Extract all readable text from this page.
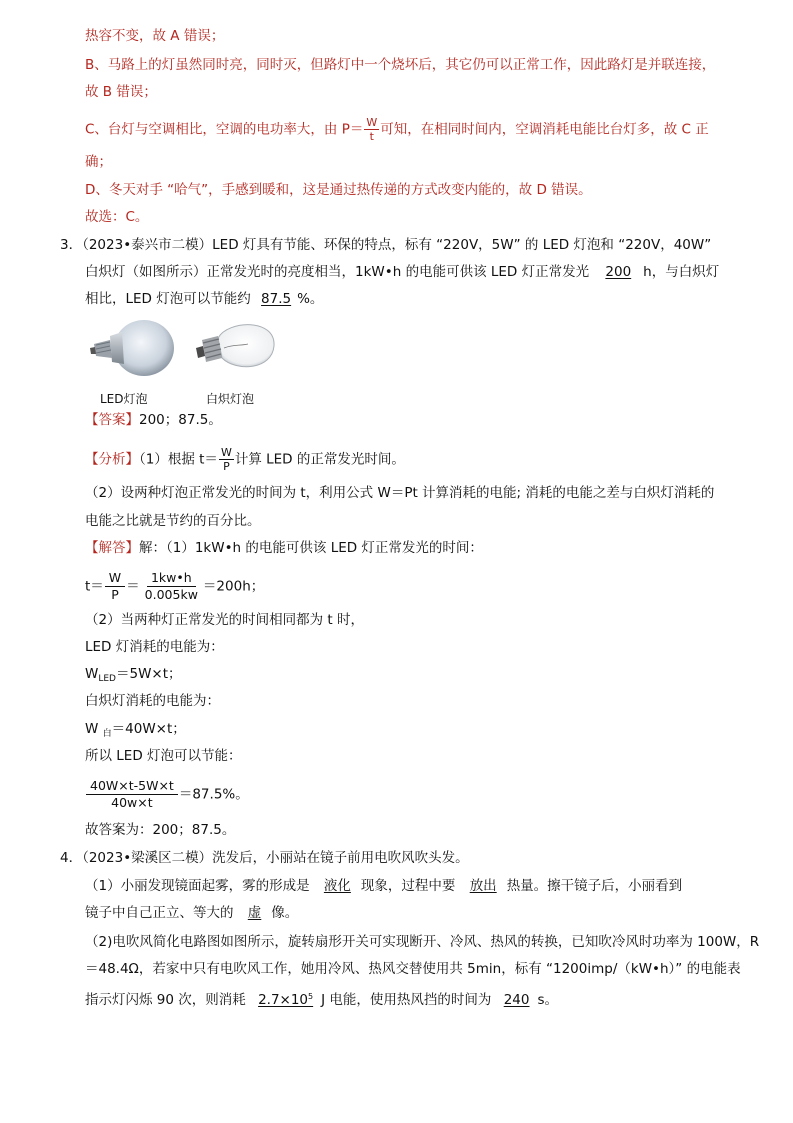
热容不变，故 A 错误；
B、马路上的灯虽然同时亮，同时灭，但路灯中一个烧坏后，其它仍可以正常工作，因此路灯是并联连接，
故 B 错误；
C、台灯与空调相比，空调的电功率大，由 $P= \frac{W}{t}$ 可知，在相同时间内，空调消耗电能比台灯多，故 C 正
确；
D、冬天对手 “哈气”，手感到暖和，这是通过热传递的方式改变内能的，故 D 错误。
故选：C。
3．（2023•泰兴市二模）LED 灯具有节能、环保的特点，标有 “220V，5W” 的 LED 灯泡和 “220V，40W”
白炽灯（如图所示）正常发光时的亮度相当，1kW•h 的电能可供该 LED 灯正常发光 200 h，与白炽灯
相比，LED 灯泡可以节能约 87.5 %。
LED灯泡	白炽灯泡
【答案】200；87.5。
【分析】（1）根据 $t= \frac{W}{P}$ 计算 LED 的正常发光时间。
（2）设两种灯泡正常发光的时间为 t，利用公式 W＝Pt 计算消耗的电能; 消耗的电能之差与白炽灯消耗的
电能之比就是节约的百分比。
【解答】解：（1）1kW•h 的电能可供该 LED 灯正常发光的时间：
$t= \frac{W}{P} = \frac{1kw•h}{0.005kw} =200h$；
（2）当两种灯正常发光的时间相同都为 t 时，
LED 灯消耗的电能为：
$W_{LED}=5W\times t$；
白炽灯消耗的电能为：
W $_白$＝40W×t；
所以 LED 灯泡可以节能：
$\frac{40W\times t-5W\times t}{40w\times t} =87.5\%$。
故答案为：200；87.5。
4．（2023•梁溪区二模）洗发后，小丽站在镜子前用电吹风吹头发。
（1）小丽发现镜面起雾，雾的形成是 液化 现象，过程中要 放出 热量。擦干镜子后，小丽看到
镜子中自己正立、等大的 虚 像。
（2)电吹风简化电路图如图所示，旋转扇形开关可实现断开、冷风、热风的转换，已知吹冷风时功率为 100W，R
＝48.4Ω，若家中只有电吹风工作，她用冷风、热风交替使用共 5min，标有 “1200imp/（kW•h）” 的电能表
指示灯闪烁 90 次，则消耗 $2.7\times 10^5$ J 电能，使用热风挡的时间为 240 s。
